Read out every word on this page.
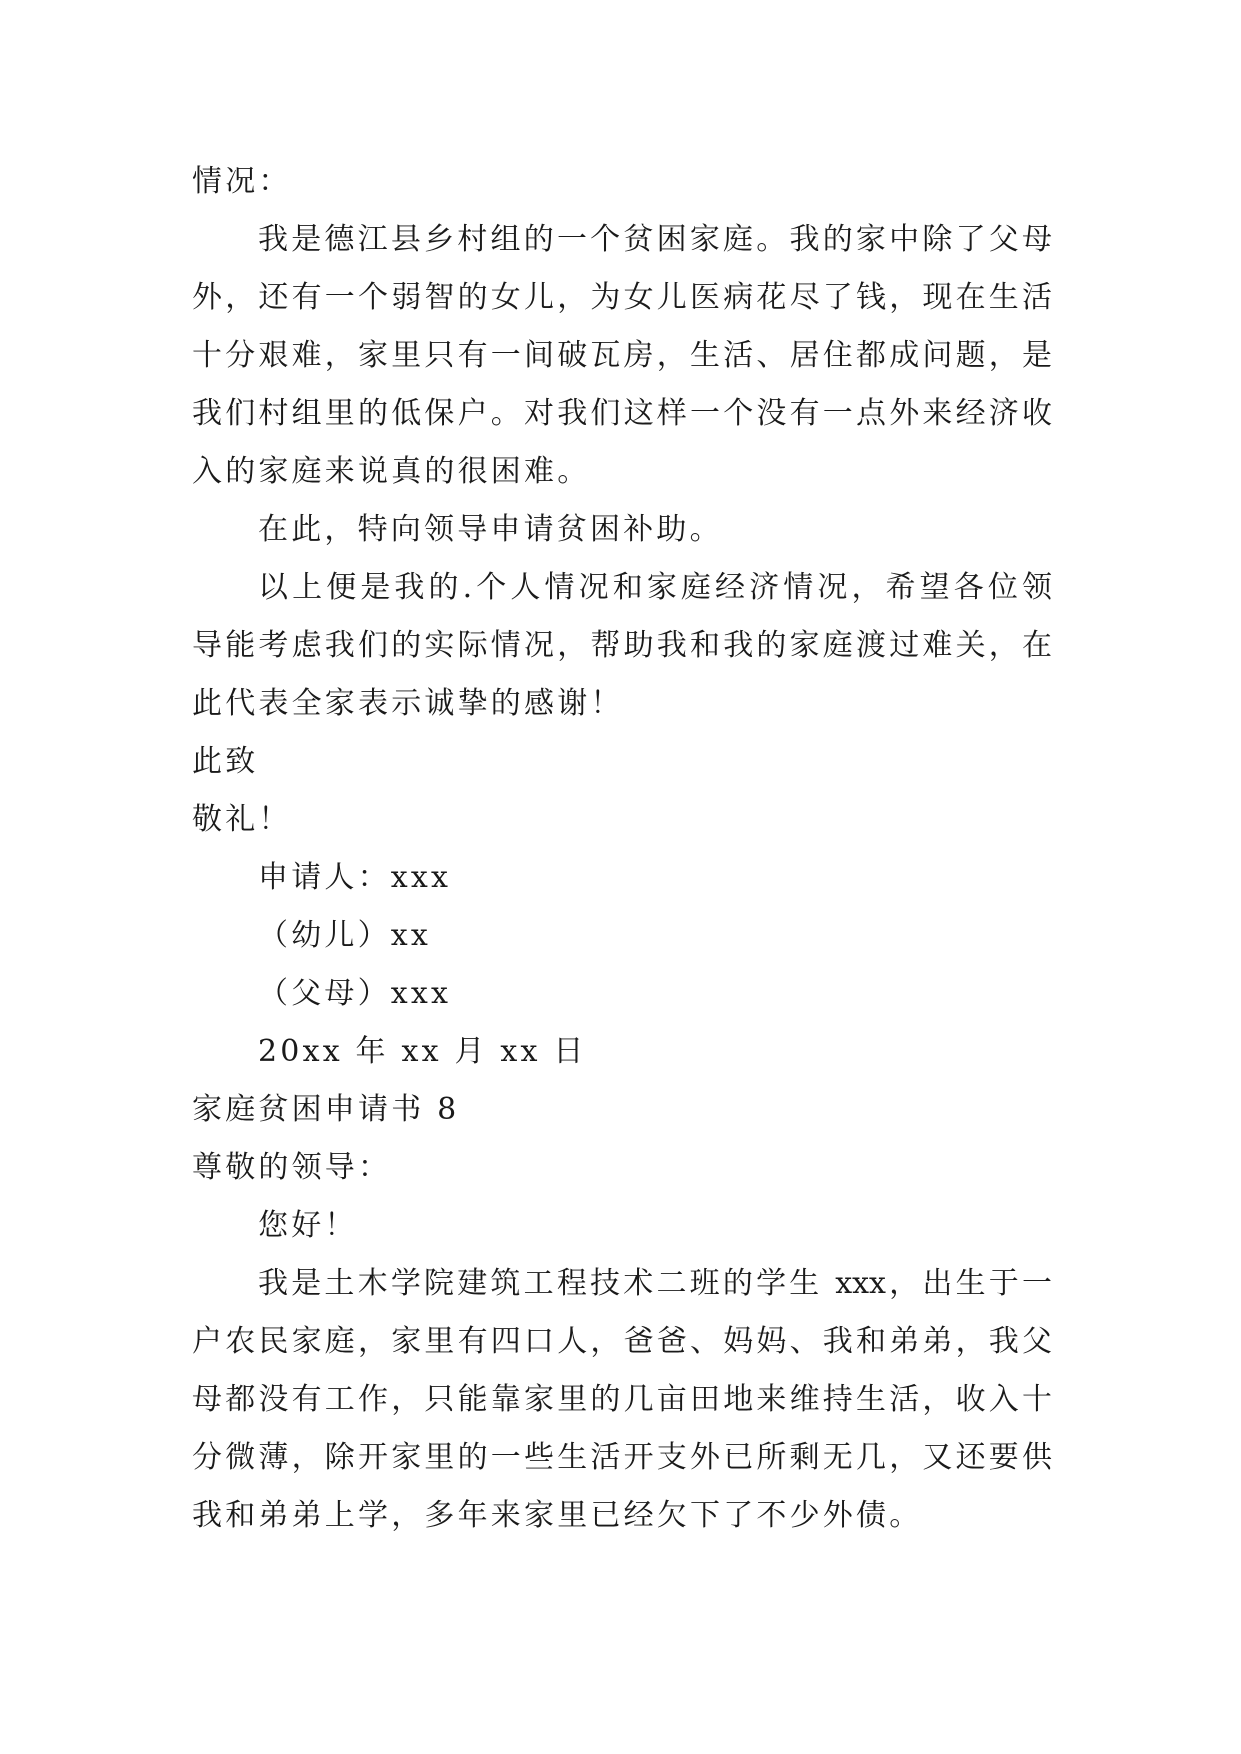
情况：
我是德江县乡村组的一个贫困家庭。我的家中除了父母
外，还有一个弱智的女儿，为女儿医病花尽了钱，现在生活
十分艰难，家里只有一间破瓦房，生活、居住都成问题，是
我们村组里的低保户。对我们这样一个没有一点外来经济收
入的家庭来说真的很困难。
在此，特向领导申请贫困补助。
以上便是我的.个人情况和家庭经济情况，希望各位领
导能考虑我们的实际情况，帮助我和我的家庭渡过难关，在
此代表全家表示诚挚的感谢！
此致
敬礼！
申请人：xxx
（幼儿）xx
（父母）xxx
20xx 年 xx 月 xx 日
家庭贫困申请书 8
尊敬的领导：
您好！
我是土木学院建筑工程技术二班的学生 xxx，出生于一
户农民家庭，家里有四口人，爸爸、妈妈、我和弟弟，我父
母都没有工作，只能靠家里的几亩田地来维持生活，收入十
分微薄，除开家里的一些生活开支外已所剩无几，又还要供
我和弟弟上学，多年来家里已经欠下了不少外债。
